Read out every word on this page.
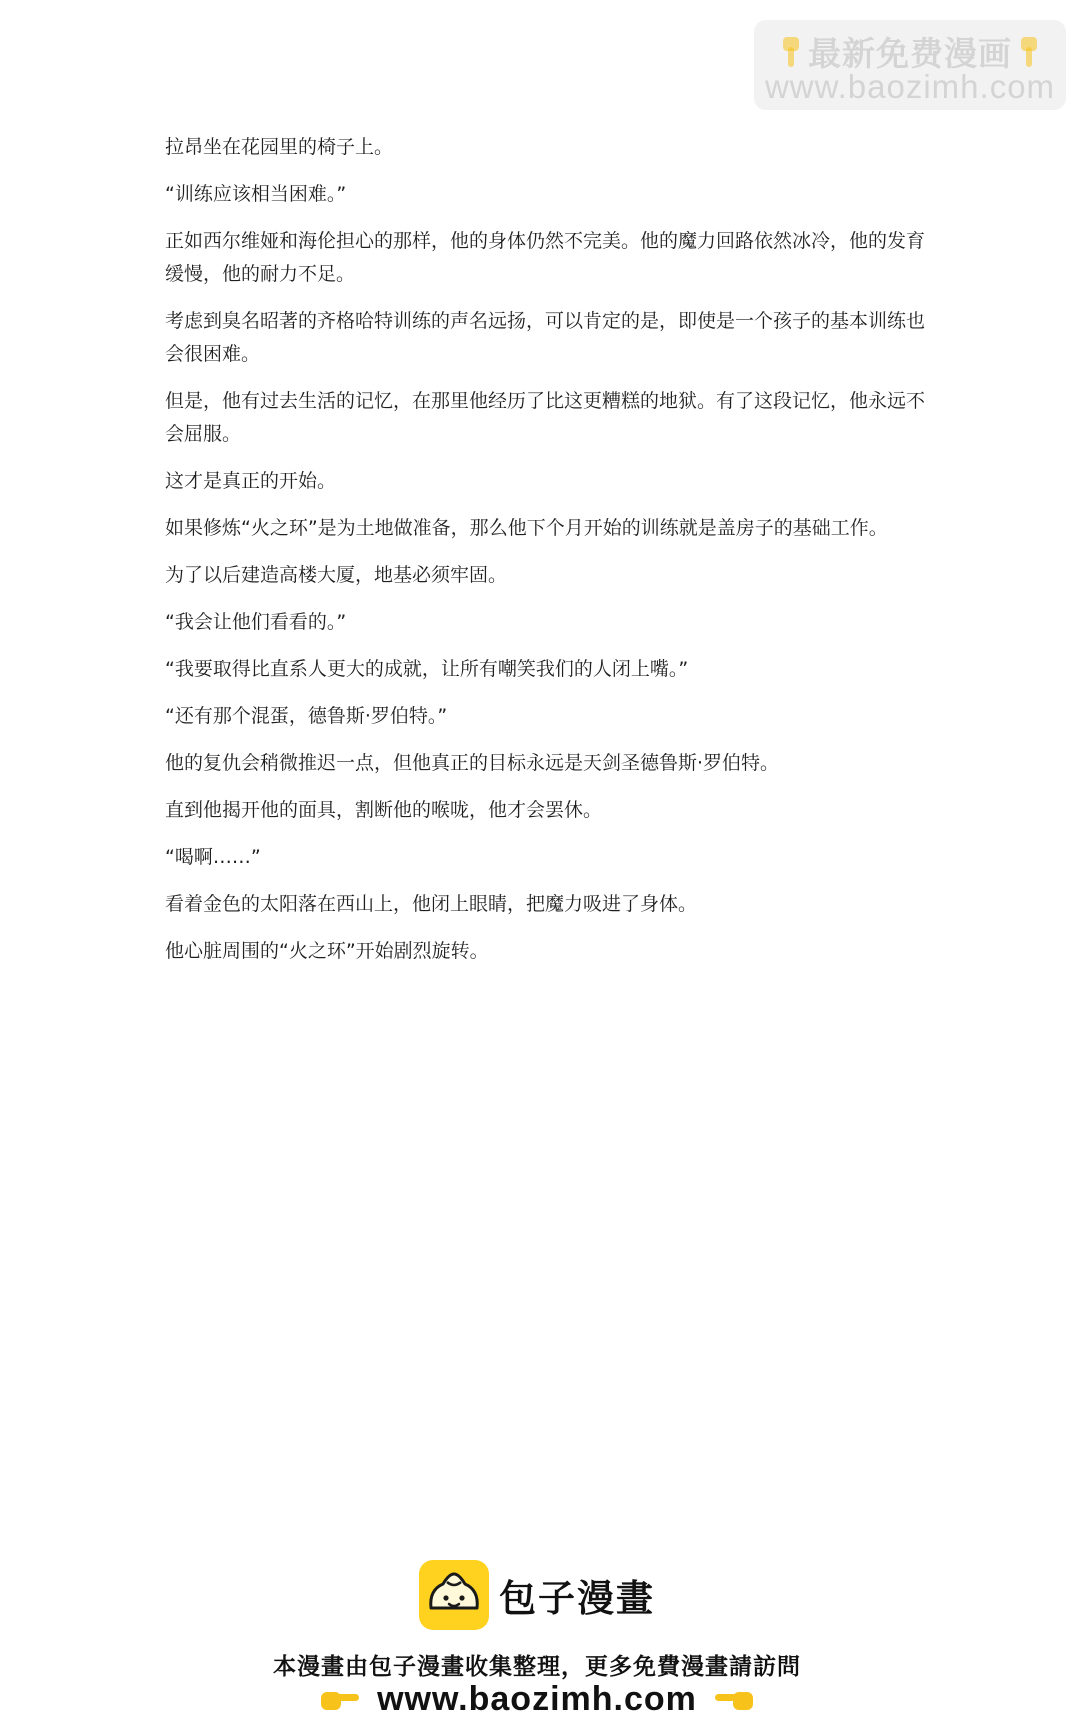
最新免费漫画
www.baozimh.com

拉昂坐在花园里的椅子上。

“训练应该相当困难。”

正如西尔维娅和海伦担心的那样，他的身体仍然不完美。他的魔力回路依然冰冷，他的发育缓慢，他的耐力不足。

考虑到臭名昭著的齐格哈特训练的声名远扬，可以肯定的是，即使是一个孩子的基本训练也会很困难。

但是，他有过去生活的记忆，在那里他经历了比这更糟糕的地狱。有了这段记忆，他永远不会屈服。

这才是真正的开始。

如果修炼“火之环”是为土地做准备，那么他下个月开始的训练就是盖房子的基础工作。

为了以后建造高楼大厦，地基必须牢固。

“我会让他们看看的。”

“我要取得比直系人更大的成就，让所有嘲笑我们的人闭上嘴。”

“还有那个混蛋，德鲁斯·罗伯特。”

他的复仇会稍微推迟一点，但他真正的目标永远是天剑圣德鲁斯·罗伯特。

直到他揭开他的面具，割断他的喉咙，他才会罢休。

“喝啊……”

看着金色的太阳落在西山上，他闭上眼睛，把魔力吸进了身体。

他心脏周围的“火之环”开始剧烈旋转。

包子漫畫
本漫畫由包子漫畫收集整理，更多免費漫畫請訪問
www.baozimh.com
